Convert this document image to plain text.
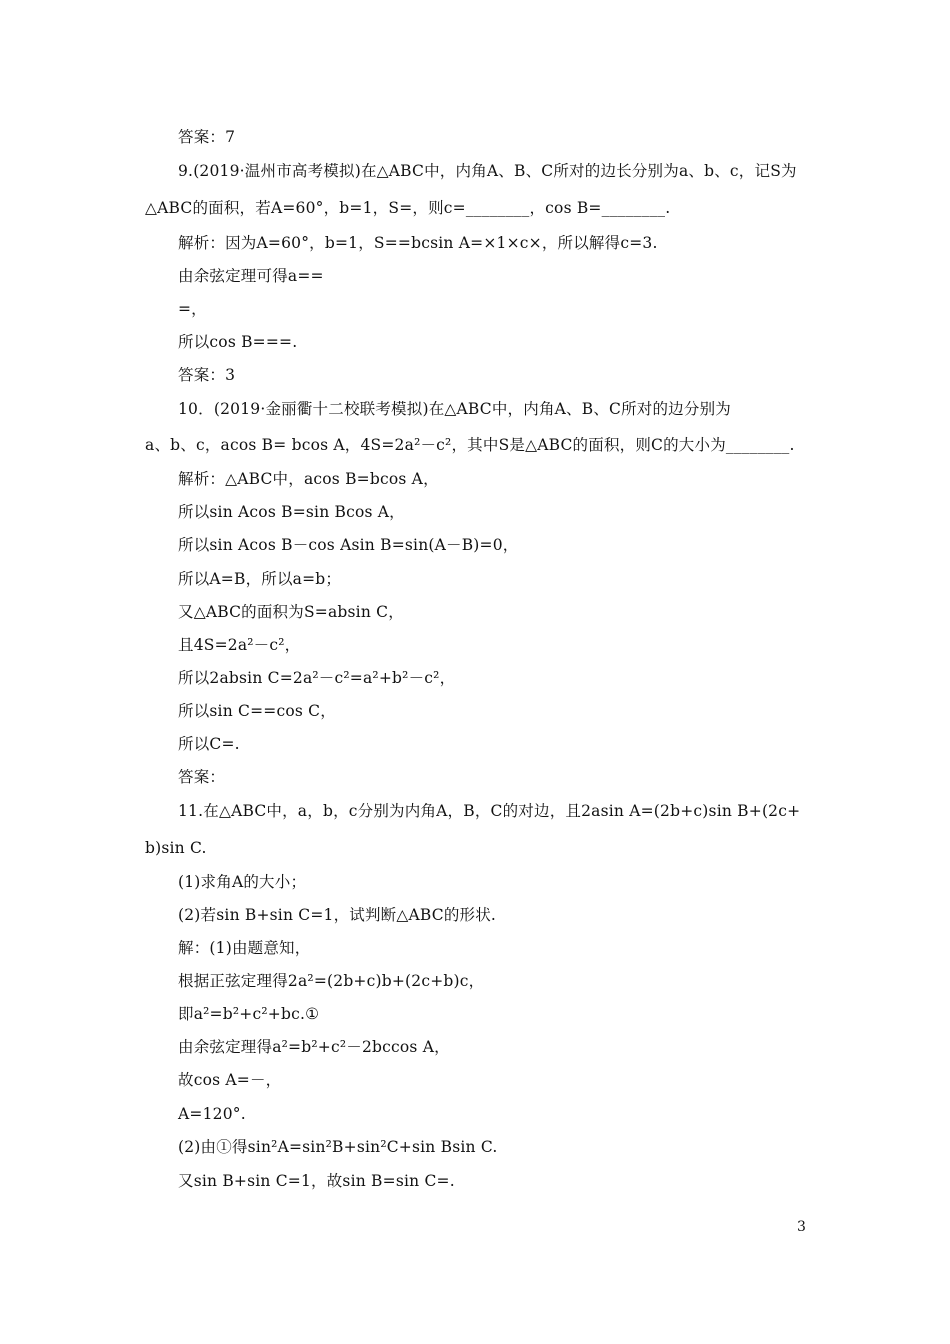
答案：7
9.(2019·温州市高考模拟)在△ABC中，内角A、B、C所对的边长分别为a、b、c，记S为
△ABC的面积，若A=60°，b=1，S=，则c=________，cos B=________.
解析：因为A=60°，b=1，S==bcsin A=×1×c×，所以解得c=3.
由余弦定理可得a==
=，
所以cos B===.
答案：3
10．(2019·金丽衢十二校联考模拟)在△ABC中，内角A、B、C所对的边分别为
a、b、c，acos B= bcos A，4S=2a²－c²，其中S是△ABC的面积，则C的大小为________.
解析：△ABC中，acos B=bcos A，
所以sin Acos B=sin Bcos A，
所以sin Acos B－cos Asin B=sin(A－B)=0，
所以A=B，所以a=b；
又△ABC的面积为S=absin C，
且4S=2a²－c²，
所以2absin C=2a²－c²=a²+b²－c²，
所以sin C==cos C，
所以C=.
答案：
11.在△ABC中，a，b，c分别为内角A，B，C的对边，且2asin A=(2b+c)sin B+(2c+
b)sin C.
(1)求角A的大小；
(2)若sin B+sin C=1，试判断△ABC的形状.
解：(1)由题意知，
根据正弦定理得2a²=(2b+c)b+(2c+b)c，
即a²=b²+c²+bc.①
由余弦定理得a²=b²+c²－2bccos A，
故cos A=－，
A=120°.
(2)由①得sin²A=sin²B+sin²C+sin Bsin C.
又sin B+sin C=1，故sin B=sin C=.
3
